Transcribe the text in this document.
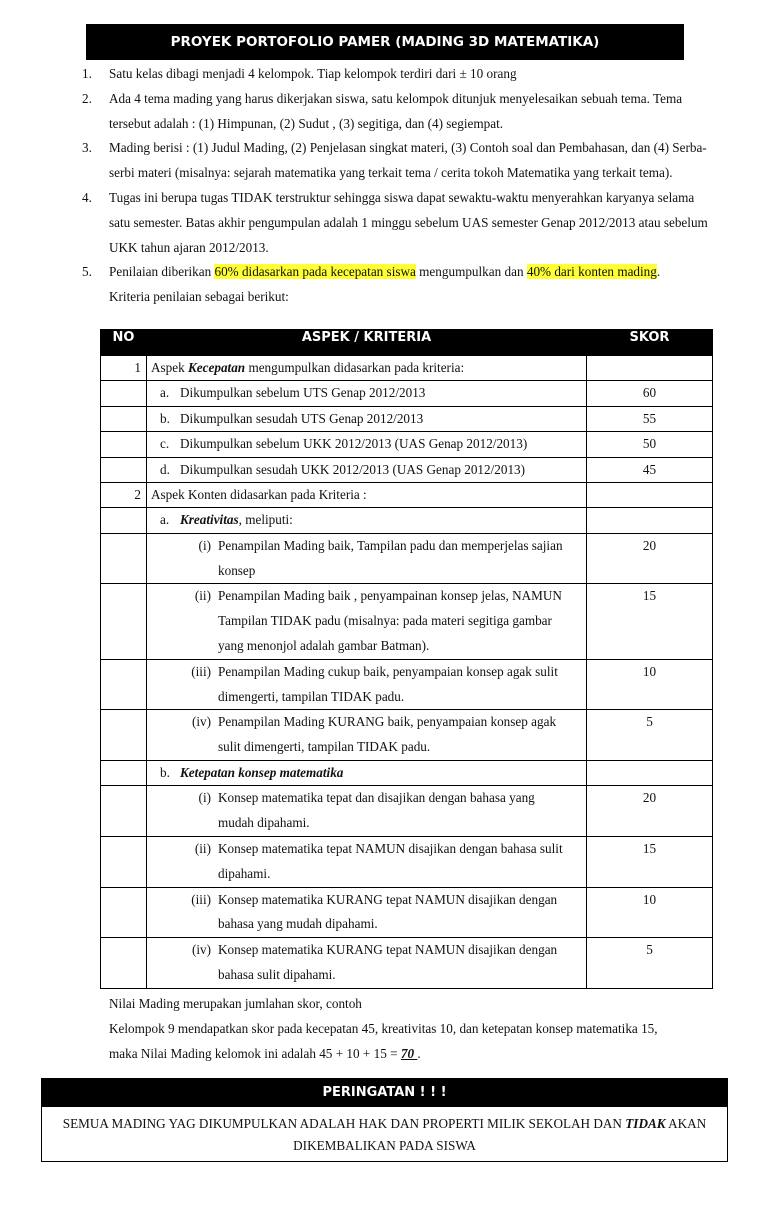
PROYEK PORTOFOLIO PAMER (MADING 3D MATEMATIKA)
1. Satu kelas dibagi menjadi 4 kelompok. Tiap kelompok terdiri dari ± 10 orang
2. Ada 4 tema mading yang harus dikerjakan siswa, satu kelompok ditunjuk menyelesaikan sebuah tema. Tema tersebut adalah : (1) Himpunan, (2) Sudut , (3) segitiga, dan (4) segiempat.
3. Mading berisi : (1) Judul Mading, (2) Penjelasan singkat materi, (3) Contoh soal dan Pembahasan, dan (4) Serba-serbi materi (misalnya: sejarah matematika yang terkait tema / cerita tokoh Matematika yang terkait tema).
4. Tugas ini berupa tugas TIDAK terstruktur sehingga siswa dapat sewaktu-waktu menyerahkan karyanya selama satu semester. Batas akhir pengumpulan adalah 1 minggu sebelum UAS semester Genap 2012/2013 atau sebelum UKK tahun ajaran 2012/2013.
5. Penilaian diberikan 60% didasarkan pada kecepatan siswa mengumpulkan dan 40% dari konten mading.
Kriteria penilaian sebagai berikut:
NO	ASPEK / KRITERIA	SKOR
1	Aspek Kecepatan mengumpulkan didasarkan pada kriteria:	
	a. Dikumpulkan sebelum UTS Genap 2012/2013	60
	b. Dikumpulkan sesudah UTS Genap 2012/2013	55
	c. Dikumpulkan sebelum UKK 2012/2013 (UAS Genap 2012/2013)	50
	d. Dikumpulkan sesudah UKK 2012/2013 (UAS Genap 2012/2013)	45
2	Aspek Konten didasarkan pada Kriteria :	
	a. Kreativitas, meliputi:	

	(i) Penampilan Mading baik, Tampilan padu dan memperjelas sajian konsep	20

	(ii) Penampilan Mading baik , penyampainan konsep jelas, NAMUN Tampilan TIDAK padu (misalnya: pada materi segitiga gambar yang menonjol adalah gambar Batman).	15

	(iii) Penampilan Mading cukup baik, penyampaian konsep agak sulit dimengerti, tampilan TIDAK padu.	10

	(iv) Penampilan Mading KURANG baik, penyampaian konsep agak sulit dimengerti, tampilan TIDAK padu.	5
	b. Ketepatan konsep matematika	

	(i) Konsep matematika tepat dan disajikan dengan bahasa yang mudah dipahami.	20

	(ii) Konsep matematika tepat NAMUN disajikan dengan bahasa sulit dipahami.	15

	(iii) Konsep matematika KURANG tepat NAMUN disajikan dengan bahasa yang mudah dipahami.	10

	(iv) Konsep matematika KURANG tepat NAMUN disajikan dengan bahasa sulit dipahami.	5
Nilai Mading merupakan jumlahan skor, contoh
Kelompok 9 mendapatkan skor pada kecepatan 45, kreativitas 10, dan ketepatan konsep matematika 15,
maka Nilai Mading kelomok ini adalah 45 + 10 + 15 = 70 .
PERINGATAN ! ! !
SEMUA MADING YAG DIKUMPULKAN ADALAH HAK DAN PROPERTI MILIK SEKOLAH DAN TIDAK AKAN DIKEMBALIKAN PADA SISWA
